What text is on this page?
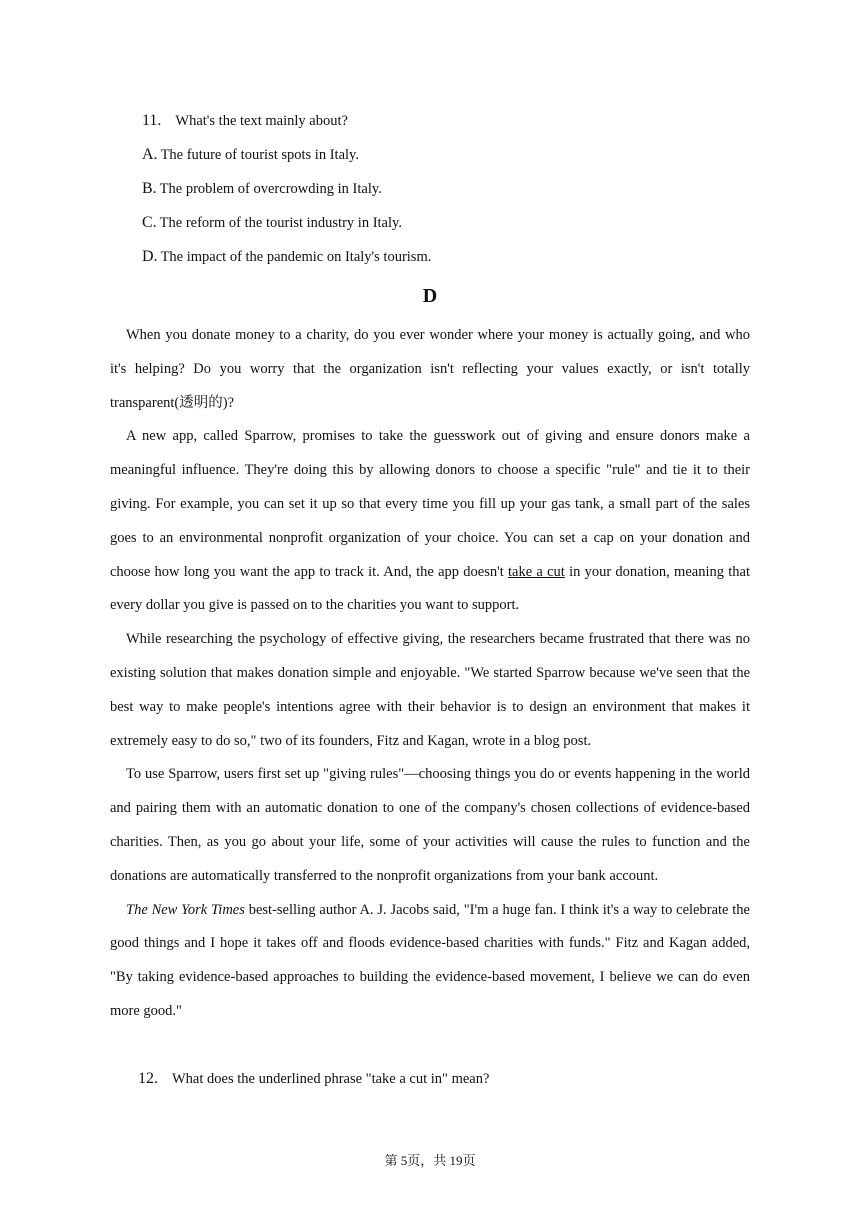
11. What's the text mainly about?
A. The future of tourist spots in Italy.
B. The problem of overcrowding in Italy.
C. The reform of the tourist industry in Italy.
D. The impact of the pandemic on Italy's tourism.
D

When you donate money to a charity, do you ever wonder where your money is actually going, and who it's helping? Do you worry that the organization isn't reflecting your values exactly, or isn't totally transparent(透明的)?

A new app, called Sparrow, promises to take the guesswork out of giving and ensure donors make a meaningful influence. They're doing this by allowing donors to choose a specific "rule" and tie it to their giving. For example, you can set it up so that every time you fill up your gas tank, a small part of the sales goes to an environmental nonprofit organization of your choice. You can set a cap on your donation and choose how long you want the app to track it. And, the app doesn't take a cut in your donation, meaning that every dollar you give is passed on to the charities you want to support.

While researching the psychology of effective giving, the researchers became frustrated that there was no existing solution that makes donation simple and enjoyable. "We started Sparrow because we've seen that the best way to make people's intentions agree with their behavior is to design an environment that makes it extremely easy to do so," two of its founders, Fitz and Kagan, wrote in a blog post.

To use Sparrow, users first set up "giving rules"—choosing things you do or events happening in the world and pairing them with an automatic donation to one of the company's chosen collections of evidence-based charities. Then, as you go about your life, some of your activities will cause the rules to function and the donations are automatically transferred to the nonprofit organizations from your bank account.

The New York Times best-selling author A. J. Jacobs said, "I'm a huge fan. I think it's a way to celebrate the good things and I hope it takes off and floods evidence-based charities with funds." Fitz and Kagan added, "By taking evidence-based approaches to building the evidence-based movement, I believe we can do even more good."

12. What does the underlined phrase "take a cut in" mean?
第 5页，共 19页
